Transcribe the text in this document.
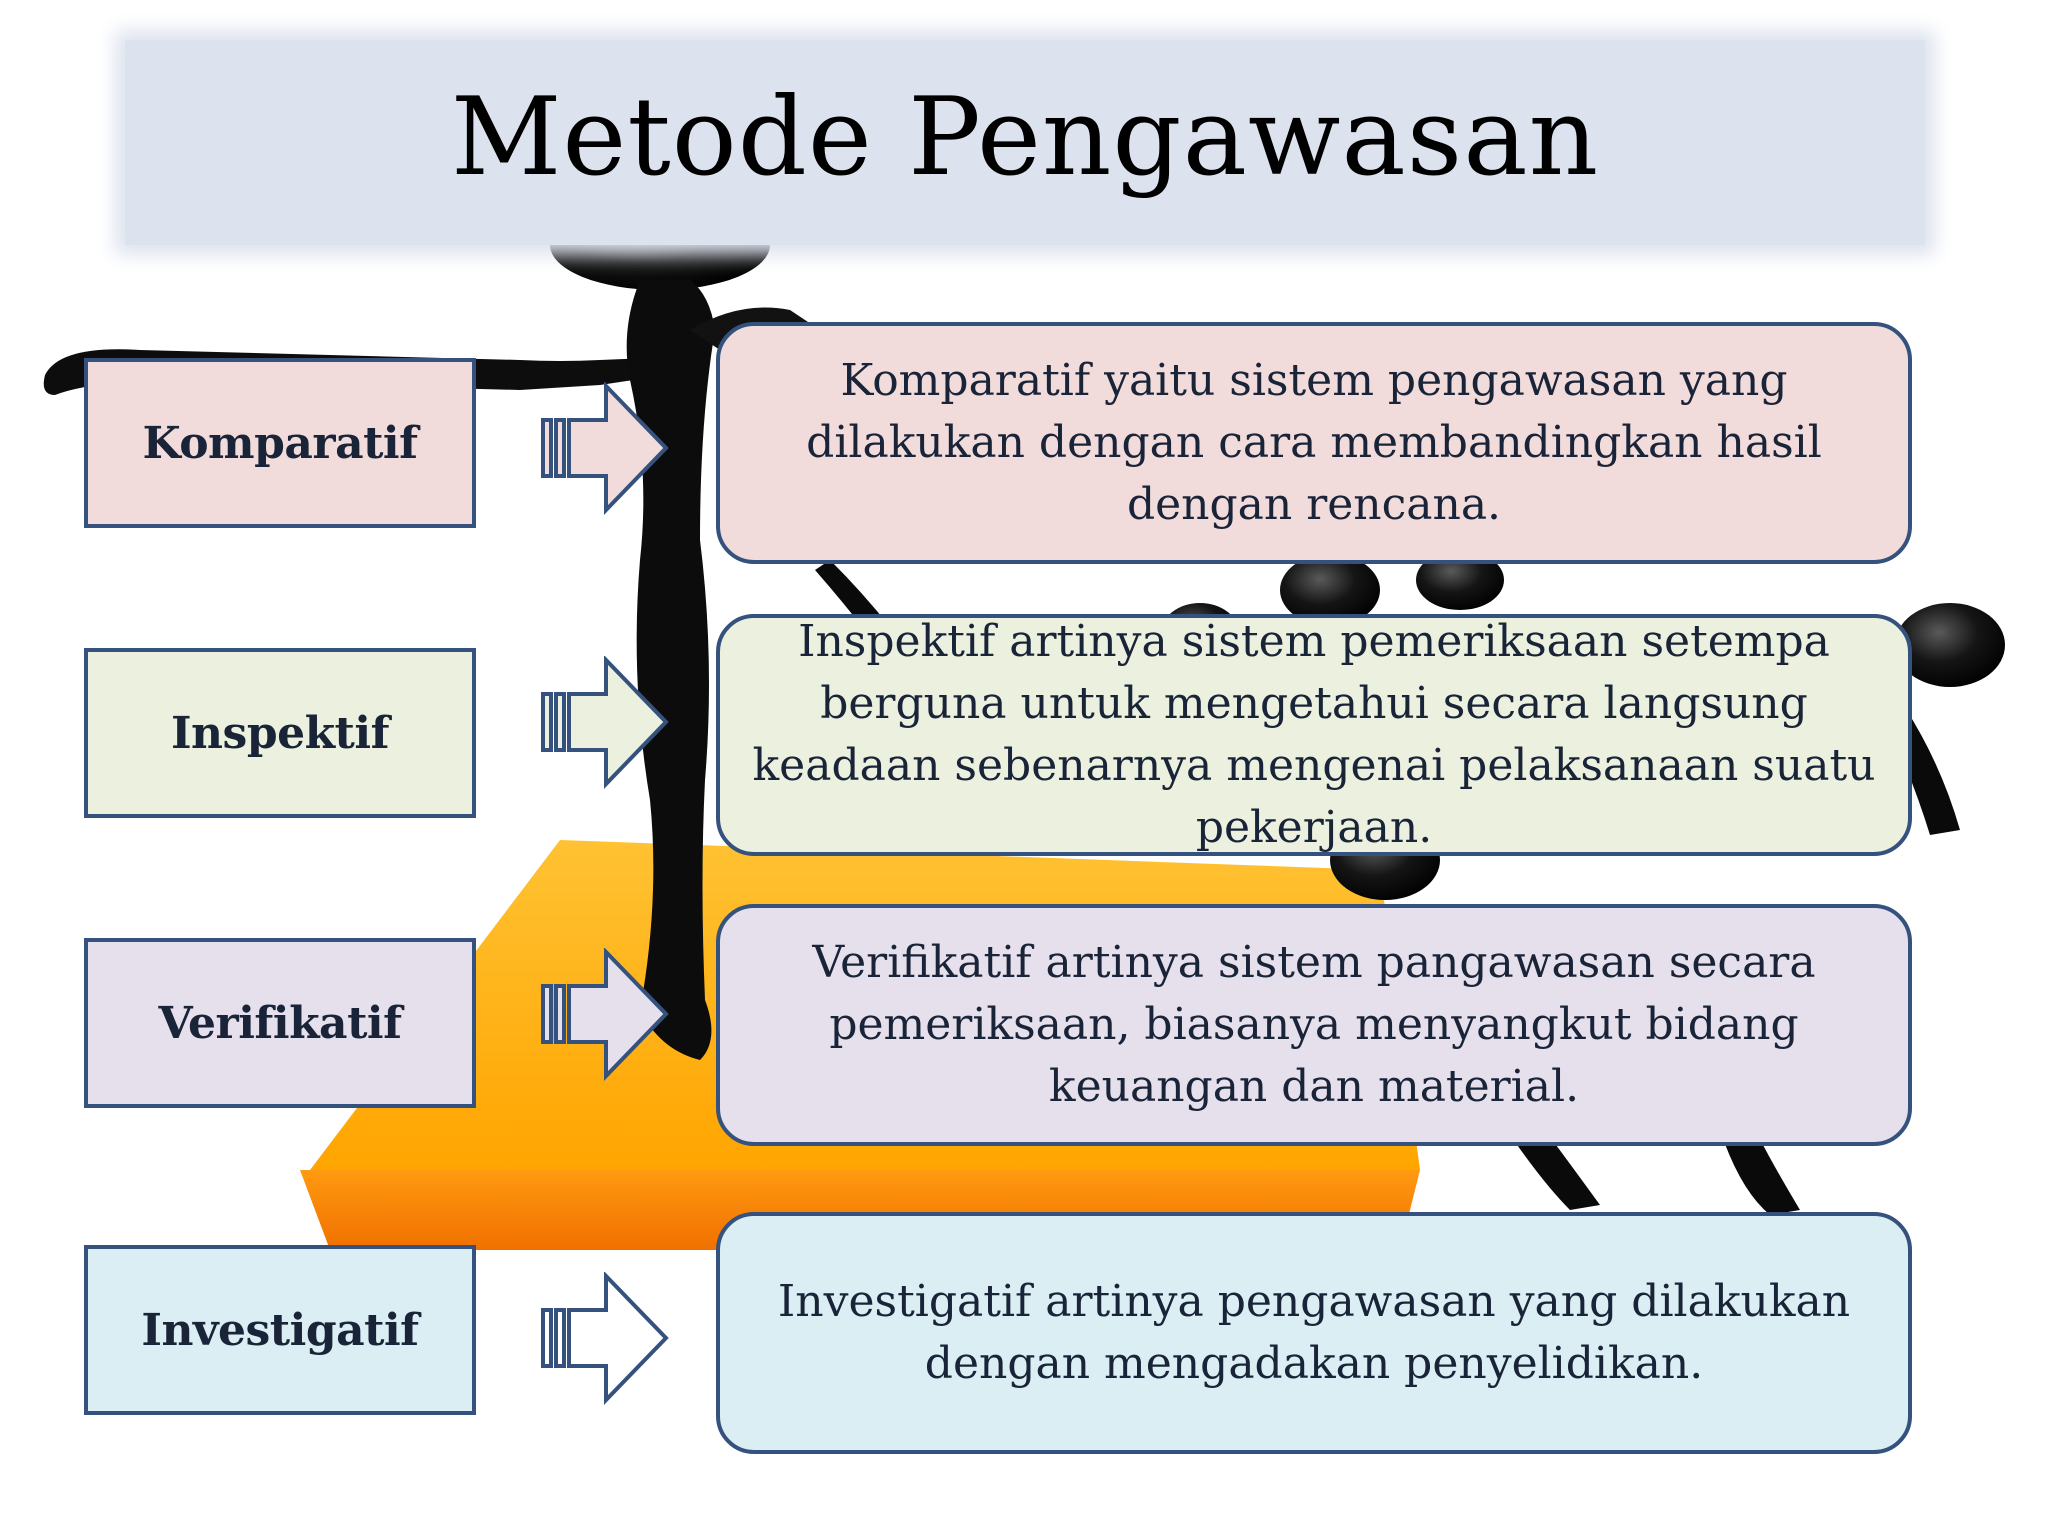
Metode Pengawasan
Komparatif
Komparatif yaitu sistem pengawasan yang dilakukan dengan cara membandingkan hasil dengan rencana.
Inspektif
Inspektif artinya sistem pemeriksaan setempa berguna untuk mengetahui secara langsung keadaan sebenarnya mengenai pelaksanaan suatu pekerjaan.
Verifikatif
Verifikatif artinya sistem pangawasan secara pemeriksaan, biasanya menyangkut bidang keuangan dan material.
Investigatif
Investigatif artinya pengawasan yang dilakukan dengan mengadakan penyelidikan.
